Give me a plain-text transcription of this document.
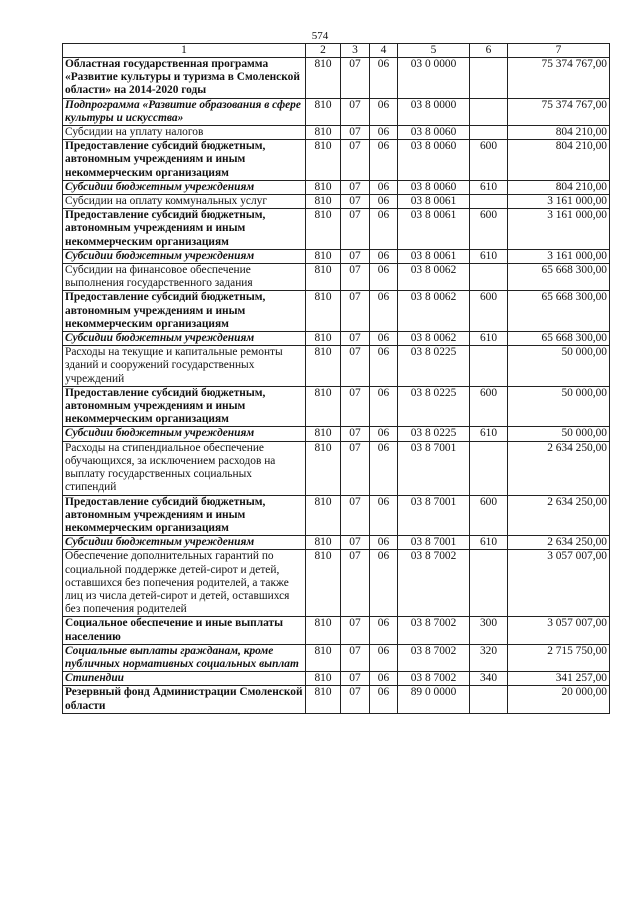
574
1	2	3	4	5	6	7
Областная государственная программа «Развитие культуры и туризма в Смоленской области» на 2014-2020 годы	810	07	06	03 0 0000		75 374 767,00
Подпрограмма «Развитие образования в сфере культуры и искусства»	810	07	06	03 8 0000		75 374 767,00
Субсидии на уплату налогов	810	07	06	03 8 0060		804 210,00
Предоставление субсидий бюджетным, автономным учреждениям и иным некоммерческим организациям	810	07	06	03 8 0060	600	804 210,00
Субсидии бюджетным учреждениям	810	07	06	03 8 0060	610	804 210,00
Субсидии на оплату коммунальных услуг	810	07	06	03 8 0061		3 161 000,00
Предоставление субсидий бюджетным, автономным учреждениям и иным некоммерческим организациям	810	07	06	03 8 0061	600	3 161 000,00
Субсидии бюджетным учреждениям	810	07	06	03 8 0061	610	3 161 000,00
Субсидии на финансовое обеспечение выполнения государственного задания	810	07	06	03 8 0062		65 668 300,00
Предоставление субсидий бюджетным, автономным учреждениям и иным некоммерческим организациям	810	07	06	03 8 0062	600	65 668 300,00
Субсидии бюджетным учреждениям	810	07	06	03 8 0062	610	65 668 300,00
Расходы на текущие и капитальные ремонты зданий и сооружений государственных учреждений	810	07	06	03 8 0225		50 000,00
Предоставление субсидий бюджетным, автономным учреждениям и иным некоммерческим организациям	810	07	06	03 8 0225	600	50 000,00
Субсидии бюджетным учреждениям	810	07	06	03 8 0225	610	50 000,00
Расходы на стипендиальное обеспечение обучающихся, за исключением расходов на выплату государственных социальных стипендий	810	07	06	03 8 7001		2 634 250,00
Предоставление субсидий бюджетным, автономным учреждениям и иным некоммерческим организациям	810	07	06	03 8 7001	600	2 634 250,00
Субсидии бюджетным учреждениям	810	07	06	03 8 7001	610	2 634 250,00
Обеспечение дополнительных гарантий по социальной поддержке детей-сирот и детей, оставшихся без попечения родителей, а также лиц из числа детей-сирот и детей, оставшихся без попечения родителей	810	07	06	03 8 7002		3 057 007,00
Социальное обеспечение и иные выплаты населению	810	07	06	03 8 7002	300	3 057 007,00
Социальные выплаты гражданам, кроме публичных нормативных социальных выплат	810	07	06	03 8 7002	320	2 715 750,00
Стипендии	810	07	06	03 8 7002	340	341 257,00
Резервный фонд Администрации Смоленской области	810	07	06	89 0 0000		20 000,00
